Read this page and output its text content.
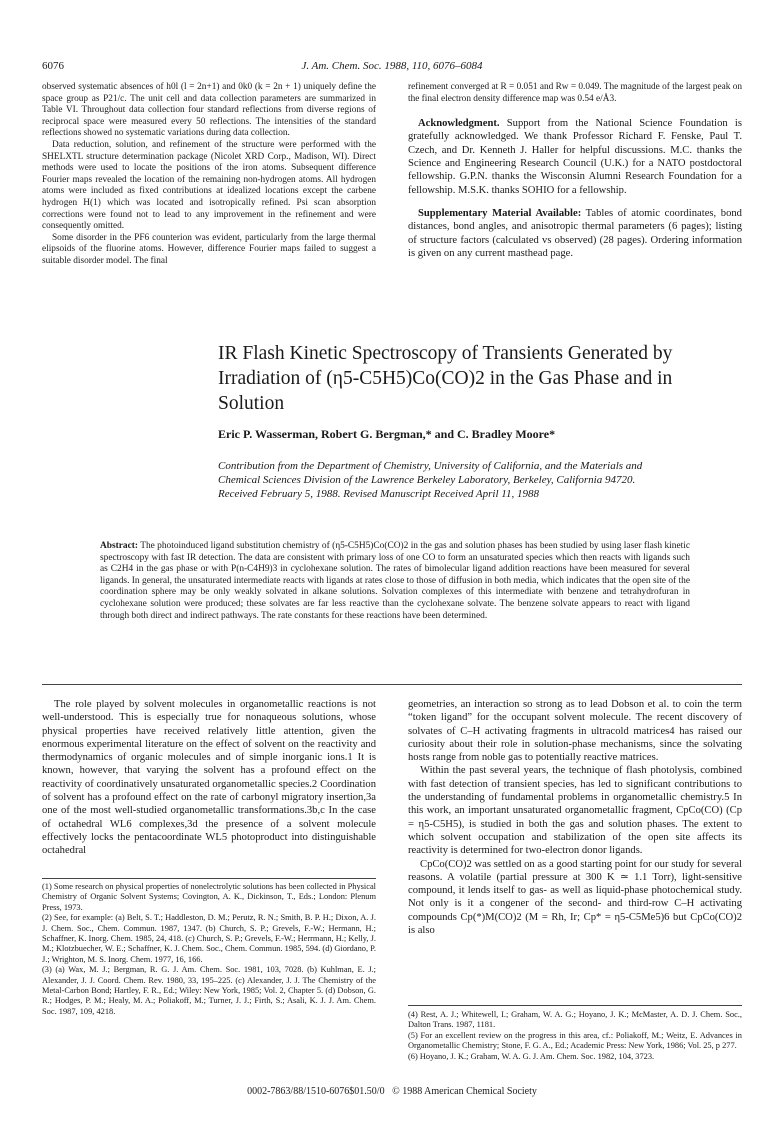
6076	J. Am. Chem. Soc. 1988, 110, 6076–6084

observed systematic absences of h0l (l = 2n+1) and 0k0 (k = 2n + 1) uniquely define the space group as P21/c. The unit cell and data collection parameters are summarized in Table VI. Throughout data collection four standard reflections from diverse regions of reciprocal space were measured every 50 reflections. The intensities of the standard reflections showed no systematic variations during data collection.

Data reduction, solution, and refinement of the structure were performed with the SHELXTL structure determination package (Nicolet XRD Corp., Madison, WI). Direct methods were used to locate the positions of the iron atoms. Subsequent difference Fourier maps revealed the location of the remaining non-hydrogen atoms. All hydrogen atoms were included as fixed contributions at idealized locations except the carbene hydrogen H(1) which was located and isotropically refined. Psi scan absorption corrections were found not to lead to any improvement in the refinement and were consequently omitted.

Some disorder in the PF6 counterion was evident, particularly from the large thermal elipsoids of the fluorine atoms. However, difference Fourier maps failed to suggest a suitable disorder model. The final

refinement converged at R = 0.051 and Rw = 0.049. The magnitude of the largest peak on the final electron density difference map was 0.54 e/Å3.

Acknowledgment. Support from the National Science Foundation is gratefully acknowledged. We thank Professor Richard F. Fenske, Paul T. Czech, and Dr. Kenneth J. Haller for helpful discussions. M.C. thanks the Science and Engineering Research Council (U.K.) for a NATO postdoctoral fellowship. G.P.N. thanks the Wisconsin Alumni Research Foundation for a fellowship. M.S.K. thanks SOHIO for a fellowship.

Supplementary Material Available: Tables of atomic coordinates, bond distances, bond angles, and anisotropic thermal parameters (6 pages); listing of structure factors (calculated vs observed) (28 pages). Ordering information is given on any current masthead page.

IR Flash Kinetic Spectroscopy of Transients Generated by
Irradiation of (η5-C5H5)Co(CO)2 in the Gas Phase and in
Solution
Eric P. Wasserman, Robert G. Bergman,* and C. Bradley Moore*
Contribution from the Department of Chemistry, University of California, and the Materials and
Chemical Sciences Division of the Lawrence Berkeley Laboratory, Berkeley, California 94720.
Received February 5, 1988. Revised Manuscript Received April 11, 1988
Abstract: The photoinduced ligand substitution chemistry of (η5-C5H5)Co(CO)2 in the gas and solution phases has been studied by using laser flash kinetic spectroscopy with fast IR detection. The data are consistent with primary loss of one CO to form an unsaturated species which then reacts with ligands such as C2H4 in the gas phase or with P(n-C4H9)3 in cyclohexane solution. The rates of bimolecular ligand addition reactions have been measured for several ligands. In general, the unsaturated intermediate reacts with ligands at rates close to those of diffusion in both media, which indicates that the open site of the coordination sphere may be only weakly solvated in alkane solutions. Solvation complexes of this intermediate with benzene and tetrahydrofuran in cyclohexane solution were produced; these solvates are far less reactive than the cyclohexane solvate. The benzene solvate appears to react with ligand through both direct and indirect pathways. The rate constants for these reactions have been determined.

The role played by solvent molecules in organometallic reactions is not well-understood. This is especially true for nonaqueous solutions, whose physical properties have received relatively little attention, given the enormous experimental literature on the effect of solvent on the reactivity and thermodynamics of organic molecules and of simple inorganic ions.1 It is known, however, that varying the solvent has a profound effect on the reactivity of coordinatively unsaturated organometallic species.2 Coordination of solvent has a profound effect on the rate of carbonyl migratory insertion,3a one of the most well-studied organometallic transformations.3b,c In the case of octahedral WL6 complexes,3d the presence of a solvent molecule effectively locks the pentacoordinate WL5 photoproduct into distinguishable octahedral

(1) Some research on physical properties of nonelectrolytic solutions has been collected in Physical Chemistry of Organic Solvent Systems; Covington, A. K., Dickinson, T., Eds.; London: Plenum Press, 1973.

(2) See, for example: (a) Belt, S. T.; Haddleston, D. M.; Perutz, R. N.; Smith, B. P. H.; Dixon, A. J. J. Chem. Soc., Chem. Commun. 1987, 1347. (b) Church, S. P.; Grevels, F.-W.; Hermann, H.; Schaffner, K. Inorg. Chem. 1985, 24, 418. (c) Church, S. P.; Grevels, F.-W.; Herrmann, H.; Kelly, J. M.; Klotzbuecher, W. E.; Schaffner, K. J. Chem. Soc., Chem. Commun. 1985, 594. (d) Giordano, P. J.; Wrighton, M. S. Inorg. Chem. 1977, 16, 166.

(3) (a) Wax, M. J.; Bergman, R. G. J. Am. Chem. Soc. 1981, 103, 7028. (b) Kuhlman, E. J.; Alexander, J. J. Coord. Chem. Rev. 1980, 33, 195–225. (c) Alexander, J. J. The Chemistry of the Metal-Carbon Bond; Hartley, F. R., Ed.; Wiley: New York, 1985; Vol. 2, Chapter 5. (d) Dobson, G. R.; Hodges, P. M.; Healy, M. A.; Poliakoff, M.; Turner, J. J.; Firth, S.; Asali, K. J. J. Am. Chem. Soc. 1987, 109, 4218.

geometries, an interaction so strong as to lead Dobson et al. to coin the term “token ligand” for the occupant solvent molecule. The recent discovery of solvates of C–H activating fragments in ultracold matrices4 has raised our curiosity about their role in solution-phase mechanisms, since the solvating hosts range from noble gas to potentially reactive matrices.

Within the past several years, the technique of flash photolysis, combined with fast detection of transient species, has led to significant contributions to the understanding of fundamental problems in organometallic chemistry.5 In this work, an important unsaturated organometallic fragment, CpCo(CO) (Cp = η5-C5H5), is studied in both the gas and solution phases. The extent to which solvent occupation and stabilization of the open site affects its reactivity is determined for two-electron donor ligands.

CpCo(CO)2 was settled on as a good starting point for our study for several reasons. A volatile (partial pressure at 300 K ≃ 1.1 Torr), light-sensitive compound, it lends itself to gas- as well as liquid-phase photochemical study. Not only is it a congener of the second- and third-row C–H activating compounds Cp(*)M(CO)2 (M = Rh, Ir; Cp* = η5-C5Me5)6 but CpCo(CO)2 is also

(4) Rest, A. J.; Whitewell, I.; Graham, W. A. G.; Hoyano, J. K.; McMaster, A. D. J. Chem. Soc., Dalton Trans. 1987, 1181.

(5) For an excellent review on the progress in this area, cf.: Poliakoff, M.; Weitz, E. Advances in Organometallic Chemistry; Stone, F. G. A., Ed.; Academic Press: New York, 1986; Vol. 25, p 277.

(6) Hoyano, J. K.; Graham, W. A. G. J. Am. Chem. Soc. 1982, 104, 3723.

0002-7863/88/1510-6076$01.50/0 © 1988 American Chemical Society
